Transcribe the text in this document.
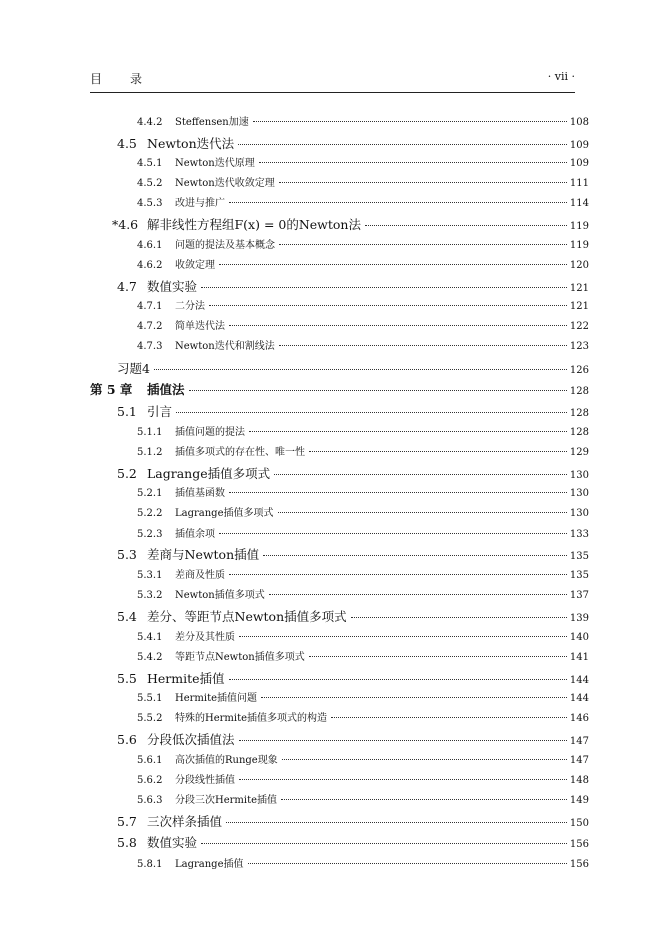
目 录	· vii ·
4.4.2	Steffensen加速	108
4.5 Newton迭代法	109
4.5.1	Newton迭代原理	109
4.5.2	Newton迭代收敛定理	111
4.5.3	改进与推广	114
*4.6 解非线性方程组F(x) = 0的Newton法	119
4.6.1	问题的提法及基本概念	119
4.6.2	收敛定理	120
4.7 数值实验	121
4.7.1	二分法	121
4.7.2	简单迭代法	122
4.7.3	Newton迭代和割线法	123
习题4	126
第 5 章	插值法	128
5.1 引言	128
5.1.1	插值问题的提法	128
5.1.2	插值多项式的存在性、唯一性	129
5.2 Lagrange插值多项式	130
5.2.1	插值基函数	130
5.2.2	Lagrange插值多项式	130
5.2.3	插值余项	133
5.3 差商与Newton插值	135
5.3.1	差商及性质	135
5.3.2	Newton插值多项式	137
5.4 差分、等距节点Newton插值多项式	139
5.4.1	差分及其性质	140
5.4.2	等距节点Newton插值多项式	141
5.5 Hermite插值	144
5.5.1	Hermite插值问题	144
5.5.2	特殊的Hermite插值多项式的构造	146
5.6 分段低次插值法	147
5.6.1	高次插值的Runge现象	147
5.6.2	分段线性插值	148
5.6.3	分段三次Hermite插值	149
5.7 三次样条插值	150
5.8 数值实验	156
5.8.1	Lagrange插值	156
